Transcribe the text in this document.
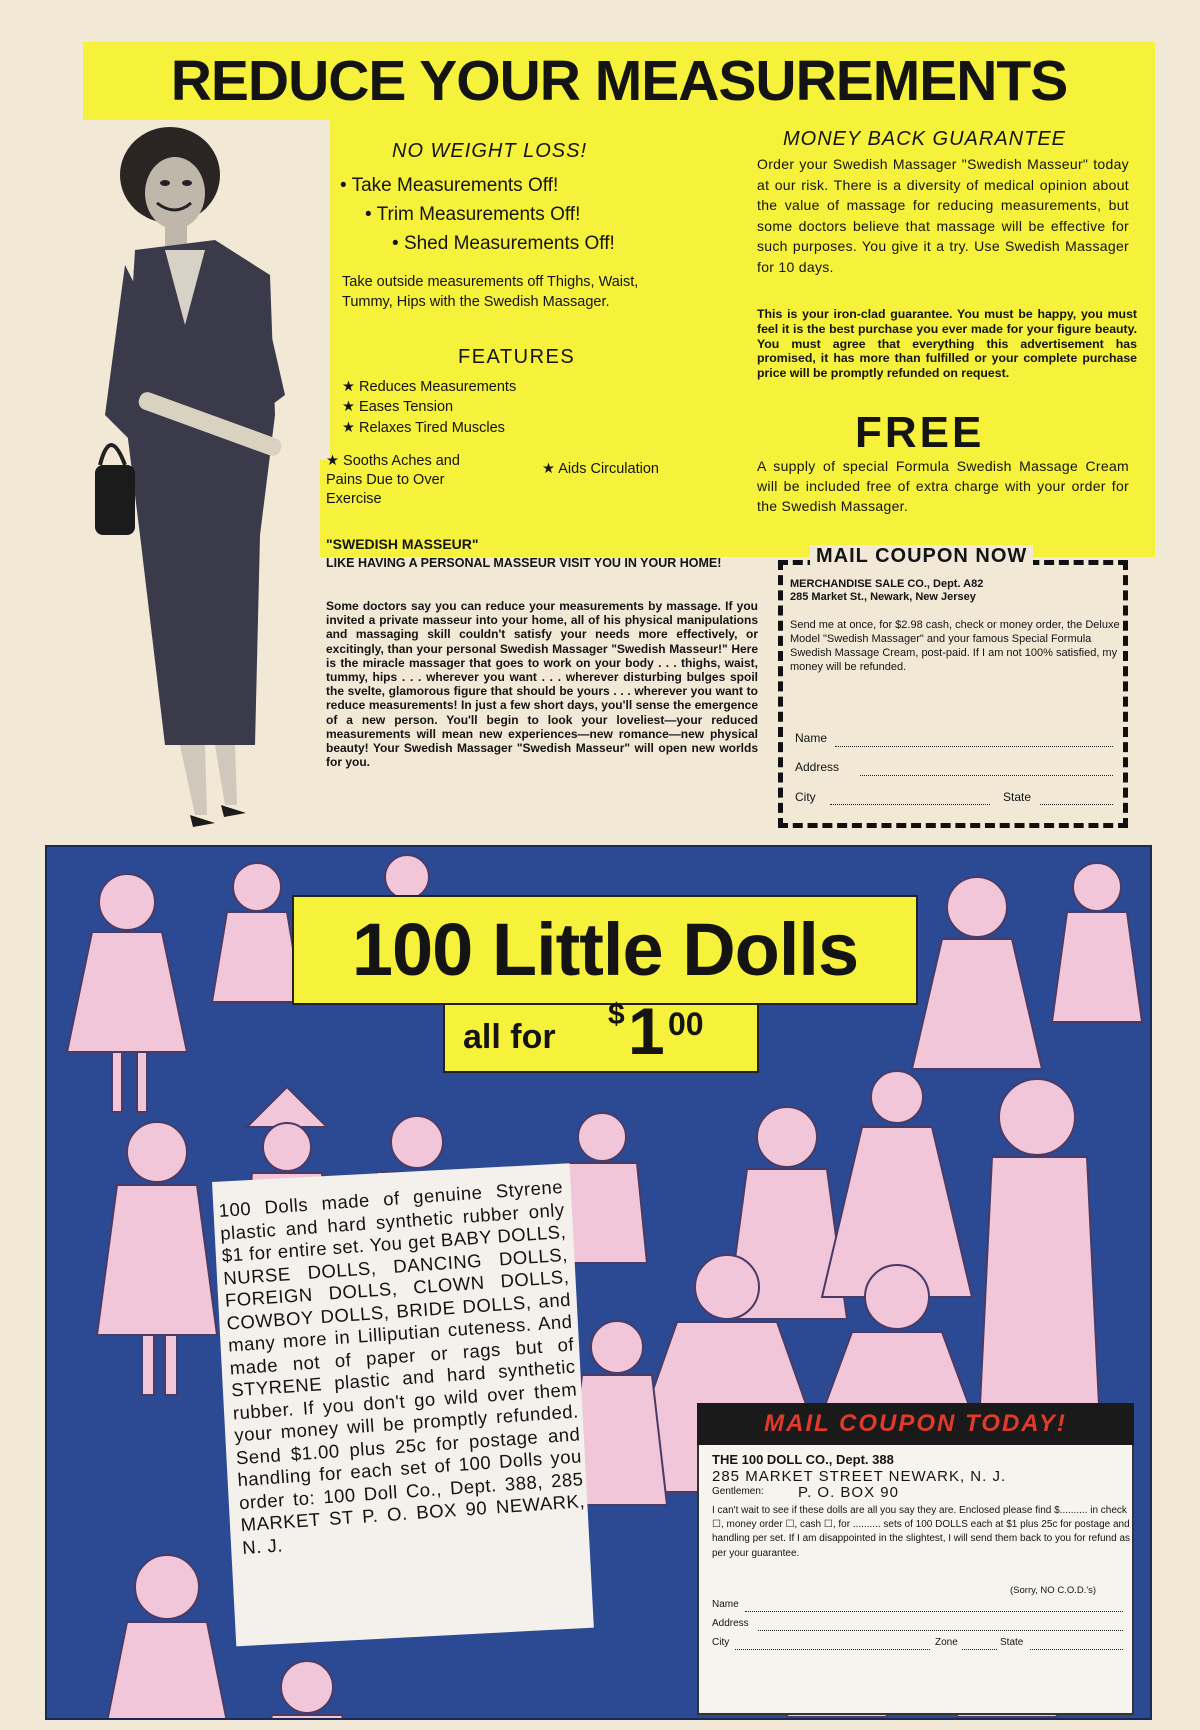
REDUCE YOUR MEASUREMENTS
NO WEIGHT LOSS!
• Take Measurements Off!
• Trim Measurements Off!
• Shed Measurements Off!
Take outside measurements off Thighs, Waist, Tummy, Hips with the Swedish Massager.
FEATURES
★ Reduces Measurements
★ Eases Tension
★ Relaxes Tired Muscles
★ Sooths Aches and Pains Due to Over Exercise
★ Aids Circulation
"SWEDISH MASSEUR"
LIKE HAVING A PERSONAL MASSEUR VISIT YOU IN YOUR HOME!
Some doctors say you can reduce your measurements by massage. If you invited a private masseur into your home, all of his physical manipulations and massaging skill couldn't satisfy your needs more effectively, or excitingly, than your personal Swedish Massager "Swedish Masseur!" Here is the miracle massager that goes to work on your body . . . thighs, waist, tummy, hips . . . wherever you want . . . wherever disturbing bulges spoil the svelte, glamorous figure that should be yours . . . wherever you want to reduce measurements! In just a few short days, you'll sense the emergence of a new person. You'll begin to look your loveliest—your reduced measurements will mean new experiences—new romance—new physical beauty! Your Swedish Massager "Swedish Masseur" will open new worlds for you.
MONEY BACK GUARANTEE
Order your Swedish Massager "Swedish Masseur" today at our risk. There is a diversity of medical opinion about the value of massage for reducing measurements, but some doctors believe that massage will be effective for such purposes. You give it a try. Use Swedish Massager for 10 days.
This is your iron-clad guarantee. You must be happy, you must feel it is the best purchase you ever made for your figure beauty. You must agree that everything this advertisement has promised, it has more than fulfilled or your complete purchase price will be promptly refunded on request.
FREE
A supply of special Formula Swedish Massage Cream will be included free of extra charge with your order for the Swedish Massager.
MAIL COUPON NOW
MERCHANDISE SALE CO., Dept. A82
285 Market St., Newark, New Jersey
Send me at once, for $2.98 cash, check or money order, the Deluxe Model "Swedish Massager" and your famous Special Formula Swedish Massage Cream, post-paid. If I am not 100% satisfied, my money will be refunded.
Name
Address
City	State
100 Little Dolls
all for
$ 1 00
100 Dolls made of genuine Styrene plastic and hard synthetic rubber only $1 for entire set. You get BABY DOLLS, NURSE DOLLS, DANCING DOLLS, FOREIGN DOLLS, CLOWN DOLLS, COWBOY DOLLS, BRIDE DOLLS, and many more in Lilliputian cuteness. And made not of paper or rags but of STYRENE plastic and hard synthetic rubber. If you don't go wild over them your money will be promptly refunded. Send $1.00 plus 25c for postage and handling for each set of 100 Dolls you order to: 100 Doll Co., Dept. 388, 285 MARKET ST P. O. BOX 90 NEWARK, N. J.
MAIL COUPON TODAY!
THE 100 DOLL CO., Dept. 388
285 MARKET STREET NEWARK, N. J.
Gentlemen: P. O. BOX 90
I can't wait to see if these dolls are all you say they are. Enclosed please find $.......... in check ☐, money order ☐, cash ☐, for .......... sets of 100 DOLLS each at $1 plus 25c for postage and handling per set. If I am disappointed in the slightest, I will send them back to you for refund as per your guarantee.
(Sorry, NO C.O.D.'s)
Name
Address
City	Zone	State
